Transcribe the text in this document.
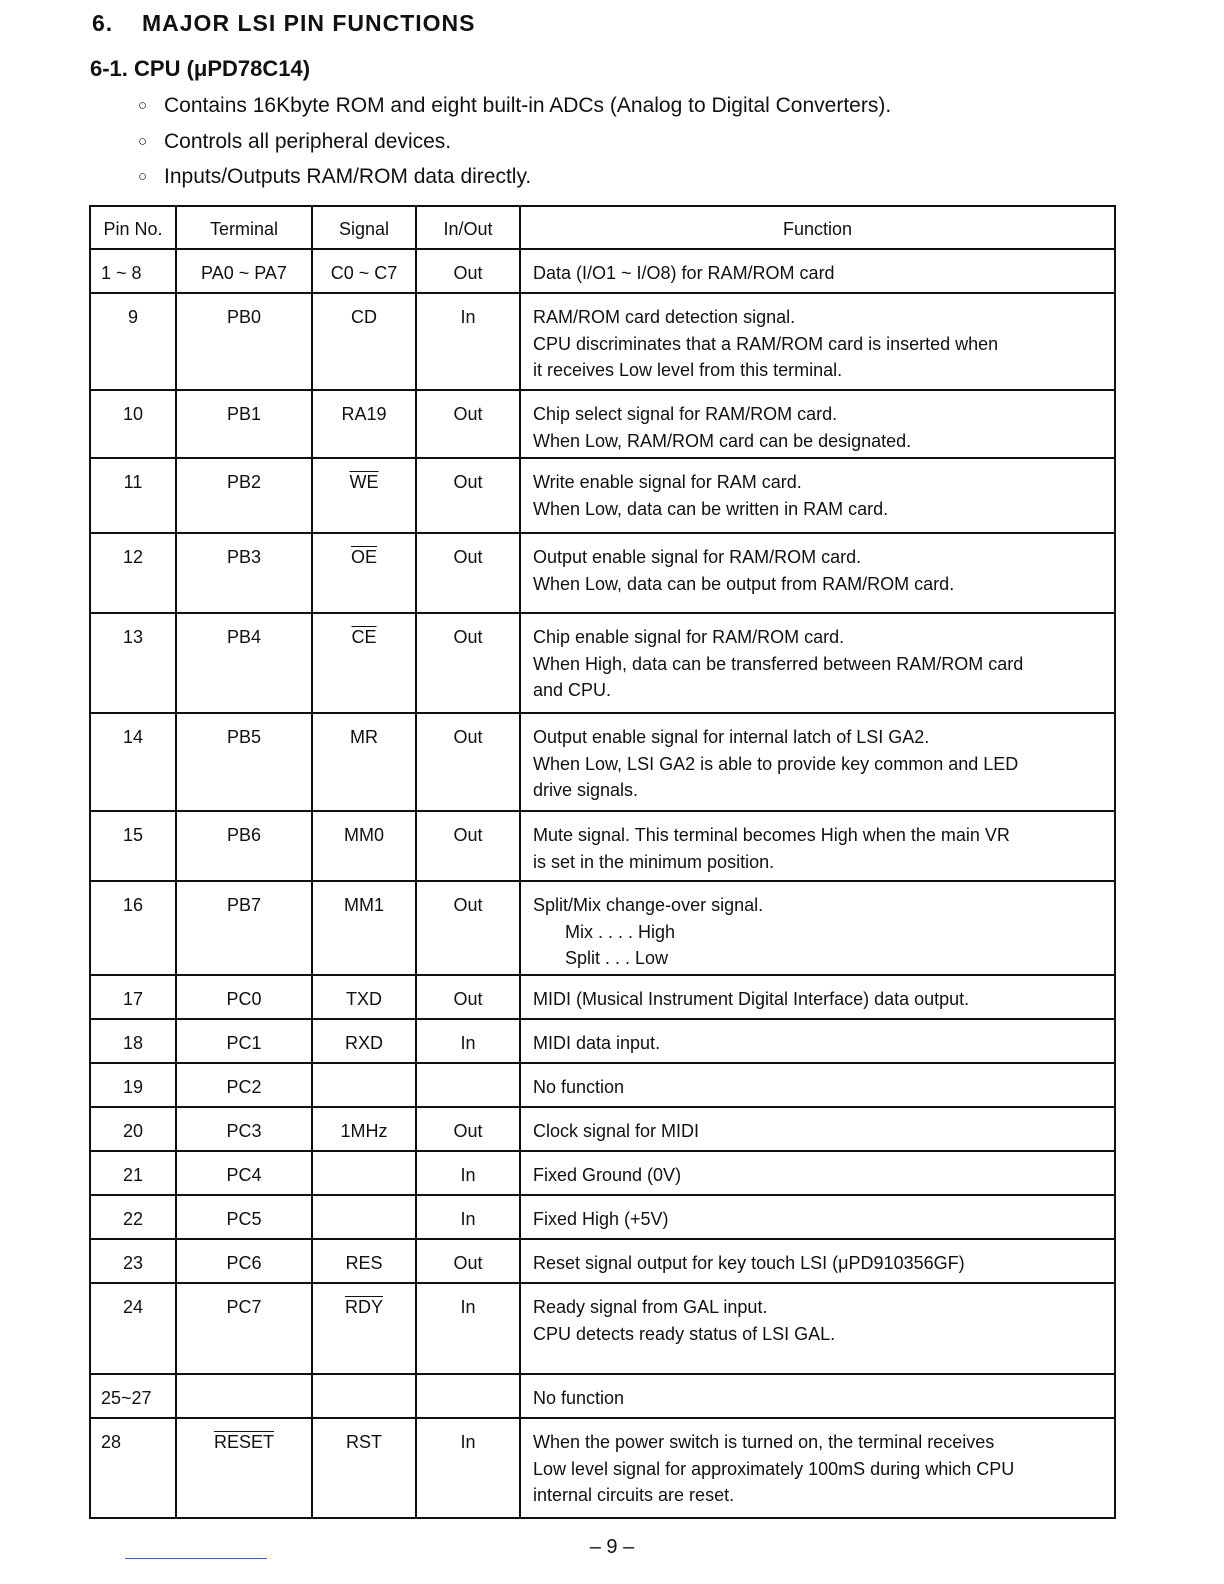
6. MAJOR LSI PIN FUNCTIONS
6-1. CPU (μPD78C14)
○ Contains 16Kbyte ROM and eight built-in ADCs (Analog to Digital Converters).
○ Controls all peripheral devices.
○ Inputs/Outputs RAM/ROM data directly.
Pin No.	Terminal	Signal	In/Out	Function
1 ~ 8	PA0 ~ PA7	C0 ~ C7	Out	Data (I/O1 ~ I/O8) for RAM/ROM card

9	PB0	CD	In	RAM/ROM card detection signal.
CPU discriminates that a RAM/ROM card is inserted when
it receives Low level from this terminal.

10	PB1	RA19	Out	Chip select signal for RAM/ROM card.
When Low, RAM/ROM card can be designated.

11	PB2	$\overline{WE}$	Out	Write enable signal for RAM card.
When Low, data can be written in RAM card.

12	PB3	$\overline{OE}$	Out	Output enable signal for RAM/ROM card.
When Low, data can be output from RAM/ROM card.

13	PB4	$\overline{CE}$	Out	Chip enable signal for RAM/ROM card.
When High, data can be transferred between RAM/ROM card
and CPU.

14	PB5	MR	Out	Output enable signal for internal latch of LSI GA2.
When Low, LSI GA2 is able to provide key common and LED
drive signals.

15	PB6	MM0	Out	Mute signal. This terminal becomes High when the main VR
is set in the minimum position.

16	PB7	MM1	Out	Split/Mix change-over signal.
Mix . . . . High
Split . . . Low

17	PC0	TXD	Out	MIDI (Musical Instrument Digital Interface) data output.

18	PC1	RXD	In	MIDI data input.

19	PC2			No function

20	PC3	1MHz	Out	Clock signal for MIDI

21	PC4		In	Fixed Ground (0V)

22	PC5		In	Fixed High (+5V)

23	PC6	RES	Out	Reset signal output for key touch LSI (μPD910356GF)

24	PC7	$\overline{RDY}$	In	Ready signal from GAL input.
CPU detects ready status of LSI GAL.

25~27				No function

28	RESET	RST	In	When the power switch is turned on, the terminal receives
Low level signal for approximately 100mS during which CPU
internal circuits are reset.
– 9 –
